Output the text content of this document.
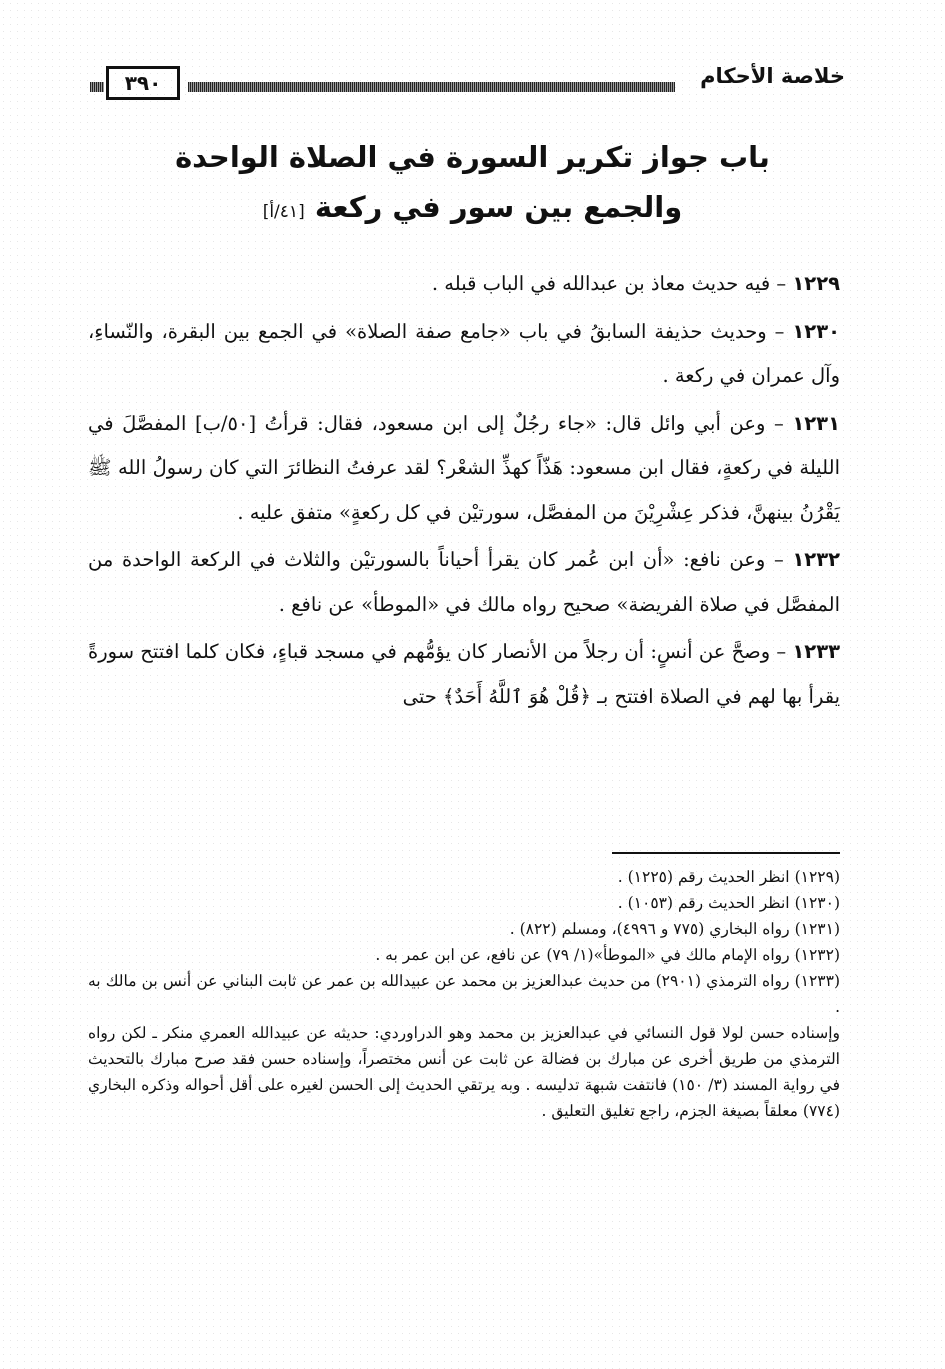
٣٩٠	خلاصة الأحكام
باب جواز تكرير السورة في الصلاة الواحدة
والجمع بين سور في ركعة [٤١/أ]

١٢٢٩ – فيه حديث معاذ بن عبدالله في الباب قبله .

١٢٣٠ – وحديث حذيفة السابقُ في باب «جامع صفة الصلاة» في الجمع بين البقرة، والنّساءِ، وآل عمران في ركعة .

١٢٣١ – وعن أبي وائل قال: «جاء رجُلٌ إلى ابن مسعود، فقال: قرأتُ [٥٠/ب] المفصَّلَ في الليلة في ركعةٍ، فقال ابن مسعود: هَذّاً كهذِّ الشعْر؟ لقد عرفتُ النظائرَ التي كان رسولُ الله ﷺ يَقْرُنُ بينهنَّ، فذكر عِشْرِيْنَ من المفصَّل، سورتيْن في كل ركعةٍ» متفق عليه .

١٢٣٢ – وعن نافع: «أن ابن عُمر كان يقرأ أحياناً بالسورتيْن والثلاث في الركعة الواحدة من المفصَّل في صلاة الفريضة» صحيح رواه مالك في «الموطأ» عن نافع .

١٢٣٣ – وصحَّ عن أنسٍ: أن رجلاً من الأنصار كان يؤمُّهم في مسجد قباءٍ، فكان كلما افتتح سورةً يقرأ بها لهم في الصلاة افتتح بـ ﴿قُلْ هُوَ ٱللَّهُ أَحَدٌ﴾ حتى

(١٢٢٩) انظر الحديث رقم (١٢٢٥) .

(١٢٣٠) انظر الحديث رقم (١٠٥٣) .

(١٢٣١) رواه البخاري (٧٧٥ و ٤٩٩٦)، ومسلم (٨٢٢) .

(١٢٣٢) رواه الإمام مالك في «الموطأ»(١/ ٧٩) عن نافع، عن ابن عمر به .

(١٢٣٣) رواه الترمذي (٢٩٠١) من حديث عبدالعزيز بن محمد عن عبيدالله بن عمر عن ثابت البناني عن أنس بن مالك به .

وإسناده حسن لولا قول النسائي في عبدالعزيز بن محمد وهو الدراوردي: حديثه عن عبيدالله العمري منكر ـ لكن رواه الترمذي من طريق أخرى عن مبارك بن فضالة عن ثابت عن أنس مختصراً، وإسناده حسن فقد صرح مبارك بالتحديث في رواية المسند (٣/ ١٥٠) فانتفت شبهة تدليسه . وبه يرتقي الحديث إلى الحسن لغيره على أقل أحواله وذكره البخاري (٧٧٤) معلقاً بصيغة الجزم، راجع تغليق التعليق .
